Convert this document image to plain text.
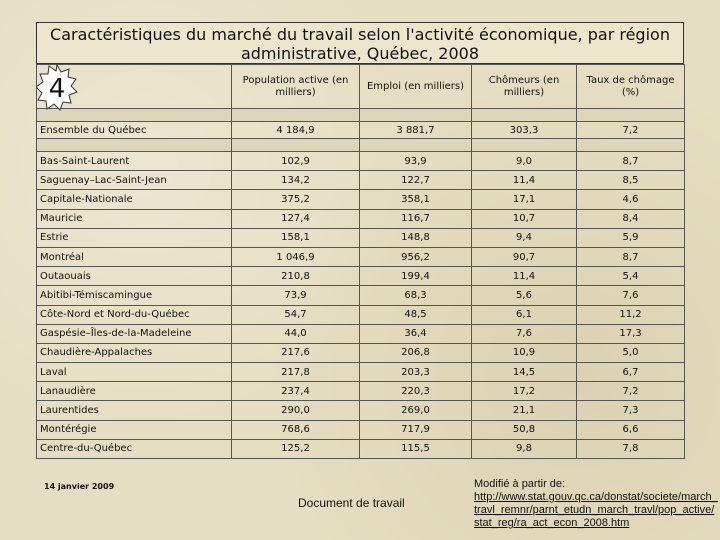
Caractéristiques du marché du travail selon l'activité économique, par région administrative, Québec, 2008
	Population active (en milliers)	Emploi (en milliers)	Chômeurs (en milliers)	Taux de chômage (%)

Ensemble du Québec	4 184,9	3 881,7	303,3	7,2

Bas-Saint-Laurent	102,9	93,9	9,0	8,7
Saguenay–Lac-Saint-Jean	134,2	122,7	11,4	8,5
Capitale-Nationale	375,2	358,1	17,1	4,6
Mauricie	127,4	116,7	10,7	8,4
Estrie	158,1	148,8	9,4	5,9
Montréal	1 046,9	956,2	90,7	8,7
Outaouais	210,8	199,4	11,4	5,4
Abitibi-Témiscamingue	73,9	68,3	5,6	7,6
Côte-Nord et Nord-du-Québec	54,7	48,5	6,1	11,2
Gaspésie–Îles-de-la-Madeleine	44,0	36,4	7,6	17,3
Chaudière-Appalaches	217,6	206,8	10,9	5,0
Laval	217,8	203,3	14,5	6,7
Lanaudière	237,4	220,3	17,2	7,2
Laurentides	290,0	269,0	21,1	7,3
Montérégie	768,6	717,9	50,8	6,6
Centre-du-Québec	125,2	115,5	9,8	7,8
4
14 janvier 2009
Document de travail
Modifié à partir de:
http://www.stat.gouv.qc.ca/donstat/societe/march_travl_remnr/parnt_etudn_march_travl/pop_active/stat_reg/ra_act_econ_2008.htm
